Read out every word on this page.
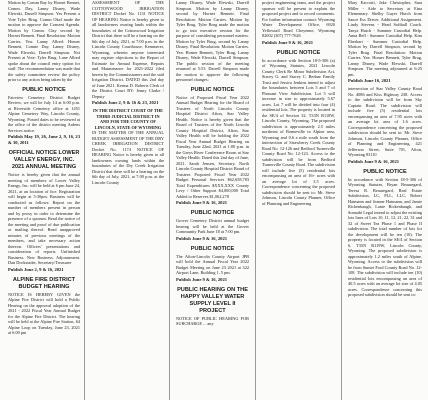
Motion by Comm Ray by Hornet Bennet, Comm. Day, Lanny Disney, Wade Elewski, Darrell Simpson. Yes Present a Vote Tyler Brug. Comm Okal made the motion to approve the Consent Agenda. Motion by Comm. Clay second by Hornet Bennett. Final Resolution: Motion Carries. Yea: Lanny Allred: Homer Bennett, Connie Day, Lanny Disney, Wade Elewski, Darrell Simpson. Not Present at Vote: Tyler Brug. Lane Allred spoke about the council entry option for staff. The recommendation was made that the safety committee review the policy prior to any action being taken by the

PUBLIC NOTICE

Fairview Cemetery District Budget Review, we will be July 14 at 6:00 p.m. at Riverside Cemetery office at 1451 Alpine Cemetery Way, Lincoln County, Wyoming. Posted dates to be reviewed at the office of the district meeting Ardens Services notice.

Publish May 19, 26, June 2, 9, 16, 23 & 30, 2011
OFFICIAL NOTICE LOWER VALLEY ENERGY, INC. 2021 ANNUAL MEETING

Notice is hereby given that the annual meeting of members of Lower Valley Energy, Inc. will be held at 6 pm June 24, 2021, at an location of fice. Registration will begin at 5:30pm. Business will be conducted as follows: Report on the number of members present in person and by proxy in order to determine the presence of a quorum. Read the notice of the meeting and proof of due publication or mailing thereof. Read unapproved minutes of previous meetings of the members, and take necessary action thereon. Officers' presentations and consideration of reports. Unfinished Business. New Business. Adjournment. Dan Dockstader, Secretary/Treasurer

Publish June 2, 9 & 16, 2021
ALPINE FIRE DISTRICT BUDGET HEARING

NOTICE IS HEREBY GIVEN the Alpine Fire District will hold a Public Hearing on the approval adoption of the 2021 - 2022 Fiscal Year Annual Budget for the Alpine Fire District. The hearing will be held at the Alpine Fire Station, 64 Alpine Loop on Tuesday, June 23, 2021 at 6:00 pm

ASSESSMENT OF THE COTTONWOOD IRRIGATION DISTRICT Docket No. 1131 NOTICE OF HEARING Notice is hereby given to all landowners owning lands within the boundaries of the Cottonwood Irrigation District that there will be a hearing on the 6th day of July, 2021, at 7:00 p.m. in the Lincoln County Courthouse, Kemmerer, Wyoming, wherein anyone interested may register objections to the Report of Estimate for Annual Expense, Repairs and Maintenance for 2021-2022 filed herein by the Commissioners and the said Irrigation District. DATED this 2nd day of June 2021. Kerma D. Roberts Clerk of the District Court BY: Jenny Clarke / Deputy

Publish June 2, 9 & 16 & 23, 2021
IN THE DISTRICT COURT OF THE THIRD JUDICIAL DISTRICT IN AND FOR THE COUNTY OF LINCOLN, STATE OF WYOMING

IN THE MATTER OF THE ANNUAL BUDGET ASSESSMENT OF THE DRY CREEK IRRIGATION DISTRICT Docket No. 1174 NOTICE OF HEARING Notice is hereby given to all landowners owning lands within the boundaries of the Dry Creek Irrigation District that there will be a hearing on the 6th day of July, 2021, at 7:00 p.m. at the Lincoln County

Lanny Disney, Wade Elewski, Darrell Simpson. Motion by Lanny Disney, second by Hornet Bennett. Final Resolution: Motion Carries. Motion by Tyler Brug. Tyler Brug made the motion to go into executive session for the purpose of considering personnel matters. Motion by Tyler Brug, second by Lanny Disney. Final Resolution: Motion Carries. Yea: Homer Bennett, Tyler Brug, Lanny Disney, Wade Elewski, Darrell Simpson. The public session of the meeting resumed at 5:53. Darrell Simpson made the motion to approve the following personnel changes:

PUBLIC NOTICE

Notice of Proposed Fiscal Year 2022 Annual Budget Hearing for the Board of Trustees of North Lincoln County Hospital District Afton, Star Valley Health. Notice is hereby given that the Board of Trustees of the North Lincoln County Hospital District, Afton, Star Valley Health will be holding the 2022 Fiscal Year Annual Budget Hearing on Tuesday, June 22nd, 2021 at 1:00 p.m. in the Greys River Conference Room at Star Valley Health. Dated this 2nd day of June, 2021. Sarah Jensen, Secretary. North Lincoln County Hospital District Board of Trustees Proposed Fiscal Year 2022 Budget Personal Services $62,658,783 Total Expenditures $XXX,XXX County Levy / Other Support $4,000,000 Total Added to Reserves $1,062,278

Publish June 9 & 16, 2021
PUBLIC NOTICE

Grover Cemetery District annual budget hearing will be held at the Grover Community Park June 18 at 7:00 pm.

Publish June 9 & 16, 2021
PUBLIC NOTICE

The Afton-Lincoln County Airport JPB will hold the Annual Fiscal Year 2022 Budget Meeting on June 23 2021 at 322 Airport Lane, Building 1, 5 pm.

Publish June 9 & 16, 2021
PUBLIC HEARING ON THE HAPPY VALLEY WATER SUPPLY LEVEL II PROJECT

NOTICE OF PUBLIC HEARING FOR SURCHARGE ... any

project engineering team, and the project sponsor will be present to explain the proposed project and to record comments. For further information contact: Wyoming Water Development Office, 6920 Yellowtail Road Cheyenne, Wyoming 82002 (307) 777-7626

Publish June 9 & 16, 2021
PUBLIC NOTICE

In accordance with Section 18-5-306 (a) of Wyoming Statutes, 2021 Lincoln County Clerk Re Minor Subdivision Act, Stacey G. and Stacey C. Bednar Family Trust and Jessica Jenkins intend to adjust the boundaries between Lots 5 and 7 of Pleasant View Subdivision. Lot 5 will increase in size to approximately 5.67 acres. Lot 7 will be divided into four (4) residential lots. The property is located in the SE/4 of Section 32, T33N R118W, Lincoln County, Wyoming. The proposed subdivision is approximately 2.5 miles northeast of Bonneville in Alpine area, Wyoming and 0.6 a mile south from the intersection of Strawberry Creek County Road No. 12-126 and Bedford Turnerville County Road No. 12-123. Access to the subdivision will be from Bedford Turnerville County Road. The subdivision will include five (5) residential lots encompassing an area of 16+ acres with an average lot of 3.5 acres. Correspondence concerning the proposed subdivision should be sent to: Mr. Steve Johnson, Lincoln County Planner, Office of Planning and Engineering

Mary Eaccotti, Jake Christopher, Sara Miller - Aide to Secretary at Etna Elementary. Shelby Guyer Hutch from Sauce Ess Driver. Additional Assignment. Lindy Stevens - Head Softball Coach. Tanya Hutch - Summer Custodial Help. Anna Bell - Summer Custodial Help. Kim Eberhart - Summer Custodial Help. Motion by Darrell Simpson, second by Tyler Brug. Final Resolution: Motion Carries. Yea: Homer Bennett, Tyler Brug, Lanny Disney, Wade Elewski, Darrell Simpson. The meeting adjourned at 6:25 pm.

Publish June 16, 2021

intersection of Star Valley County Road No. 4086 and Kiss Highway 238. Access to the subdivision will be from Sky Captain Road. The subdivision will include five (5) residential lots encompassing an area of 7.95 acres with an average lot area of 1.6 acres. Correspondence concerning the proposed subdivision should be sent to: Mr. Steve Johnson, Lincoln County Planner, Office of Planning and Engineering, 421 Jefferson Street, Suite 701, Afton, Wyoming 83110

Publish June 9 & 16, 2021
PUBLIC NOTICE

In accordance with Section 18-5-306 of Wyoming Statutes, Bryan Beauregard, Teresa R. Beauregard, Real Estate Subdivision, LC, PLL, LLC, Robert Hatmann and Jeanne Hatmann, and Jamie Rickenbaugh, Lanie Rickenbaugh, and Sonnabi Legal intend to adjust the existing lots lines of Lots 10, 11, 12, 21, 22, 31 and 32 of Sweet Tea Phase 1 and Phase II subdivision. The total number of lots for the development will be ten (10). The property is located in the SE/4 of Section 6, T35N R119W, Lincoln County, Wyoming. The proposed subdivision is approximately 1.2 miles south of Alpine, Wyoming. Access to the subdivision will be from Sunset Ford County Road No. 12-108. The subdivision will include ten (10) residential lots encompassing an area of 40.5 acres with an average lot size of 4.05 acres. Correspondence concerning this proposed subdivision should be sent to:
